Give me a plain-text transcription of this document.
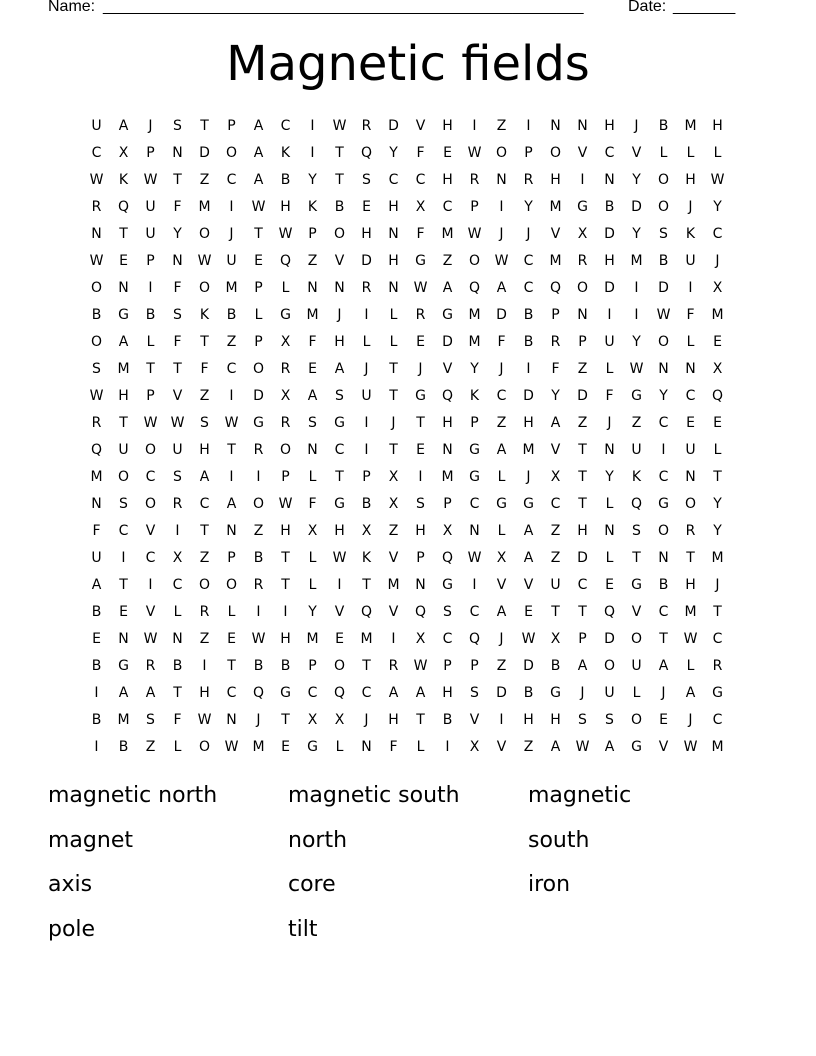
Name: ______________________________________________________	Date: _______
Magnetic fields
U	A	J	S	T	P	A	C	I	W	R	D	V	H	I	Z	I	N	N	H	J	B	M	H
C	X	P	N	D	O	A	K	I	T	Q	Y	F	E	W	O	P	O	V	C	V	L	L	L
W	K	W	T	Z	C	A	B	Y	T	S	C	C	H	R	N	R	H	I	N	Y	O	H	W
R	Q	U	F	M	I	W	H	K	B	E	H	X	C	P	I	Y	M	G	B	D	O	J	Y
N	T	U	Y	O	J	T	W	P	O	H	N	F	M	W	J	J	V	X	D	Y	S	K	C
W	E	P	N	W	U	E	Q	Z	V	D	H	G	Z	O	W	C	M	R	H	M	B	U	J
O	N	I	F	O	M	P	L	N	N	R	N	W	A	Q	A	C	Q	O	D	I	D	I	X
B	G	B	S	K	B	L	G	M	J	I	L	R	G	M	D	B	P	N	I	I	W	F	M
O	A	L	F	T	Z	P	X	F	H	L	L	E	D	M	F	B	R	P	U	Y	O	L	E
S	M	T	T	F	C	O	R	E	A	J	T	J	V	Y	J	I	F	Z	L	W	N	N	X
W	H	P	V	Z	I	D	X	A	S	U	T	G	Q	K	C	D	Y	D	F	G	Y	C	Q
R	T	W W	S	W	G	R	S	G	I	J	T	H	P	Z	H	A	Z	J	Z	C	E	E
Q	U	O	U	H	T	R	O	N	C	I	T	E	N	G	A	M	V	T	N	U	I	U	L
M	O	C	S	A	I	I	P	L	T	P	X	I	M	G	L	J	X	T	Y	K	C	N	T
N	S	O	R	C	A	O	W	F	G	B	X	S	P	C	G	G	C	T	L	Q	G	O	Y
F	C	V	I	T	N	Z	H	X	H	X	Z	H	X	N	L	A	Z	H	N	S	O	R	Y
U	I	C	X	Z	P	B	T	L	W	K	V	P	Q	W	X	A	Z	D	L	T	N	T	M
A	T	I	C	O	O	R	T	L	I	T	M	N	G	I	V	V	U	C	E	G	B	H	J
B	E	V	L	R	L	I	I	Y	V	Q	V	Q	S	C	A	E	T	T	Q	V	C	M	T
E	N	W	N	Z	E	W	H	M	E	M	I	X	C	Q	J	W	X	P	D	O	T	W	C
B	G	R	B	I	T	B	B	P	O	T	R	W	P	P	Z	D	B	A	O	U	A	L	R
I	A	A	T	H	C	Q	G	C	Q	C	A	A	H	S	D	B	G	J	U	L	J	A	G
B	M	S	F	W	N	J	T	X	X	J	H	T	B	V	I	H	H	S	S	O	E	J	C
I	B	Z	L	O	W	M	E	G	L	N	F	L	I	X	V	Z	A	W	A	G	V	W	M
magnetic north	magnetic south	magnetic
magnet	north	south
axis	core	iron
pole	tilt
